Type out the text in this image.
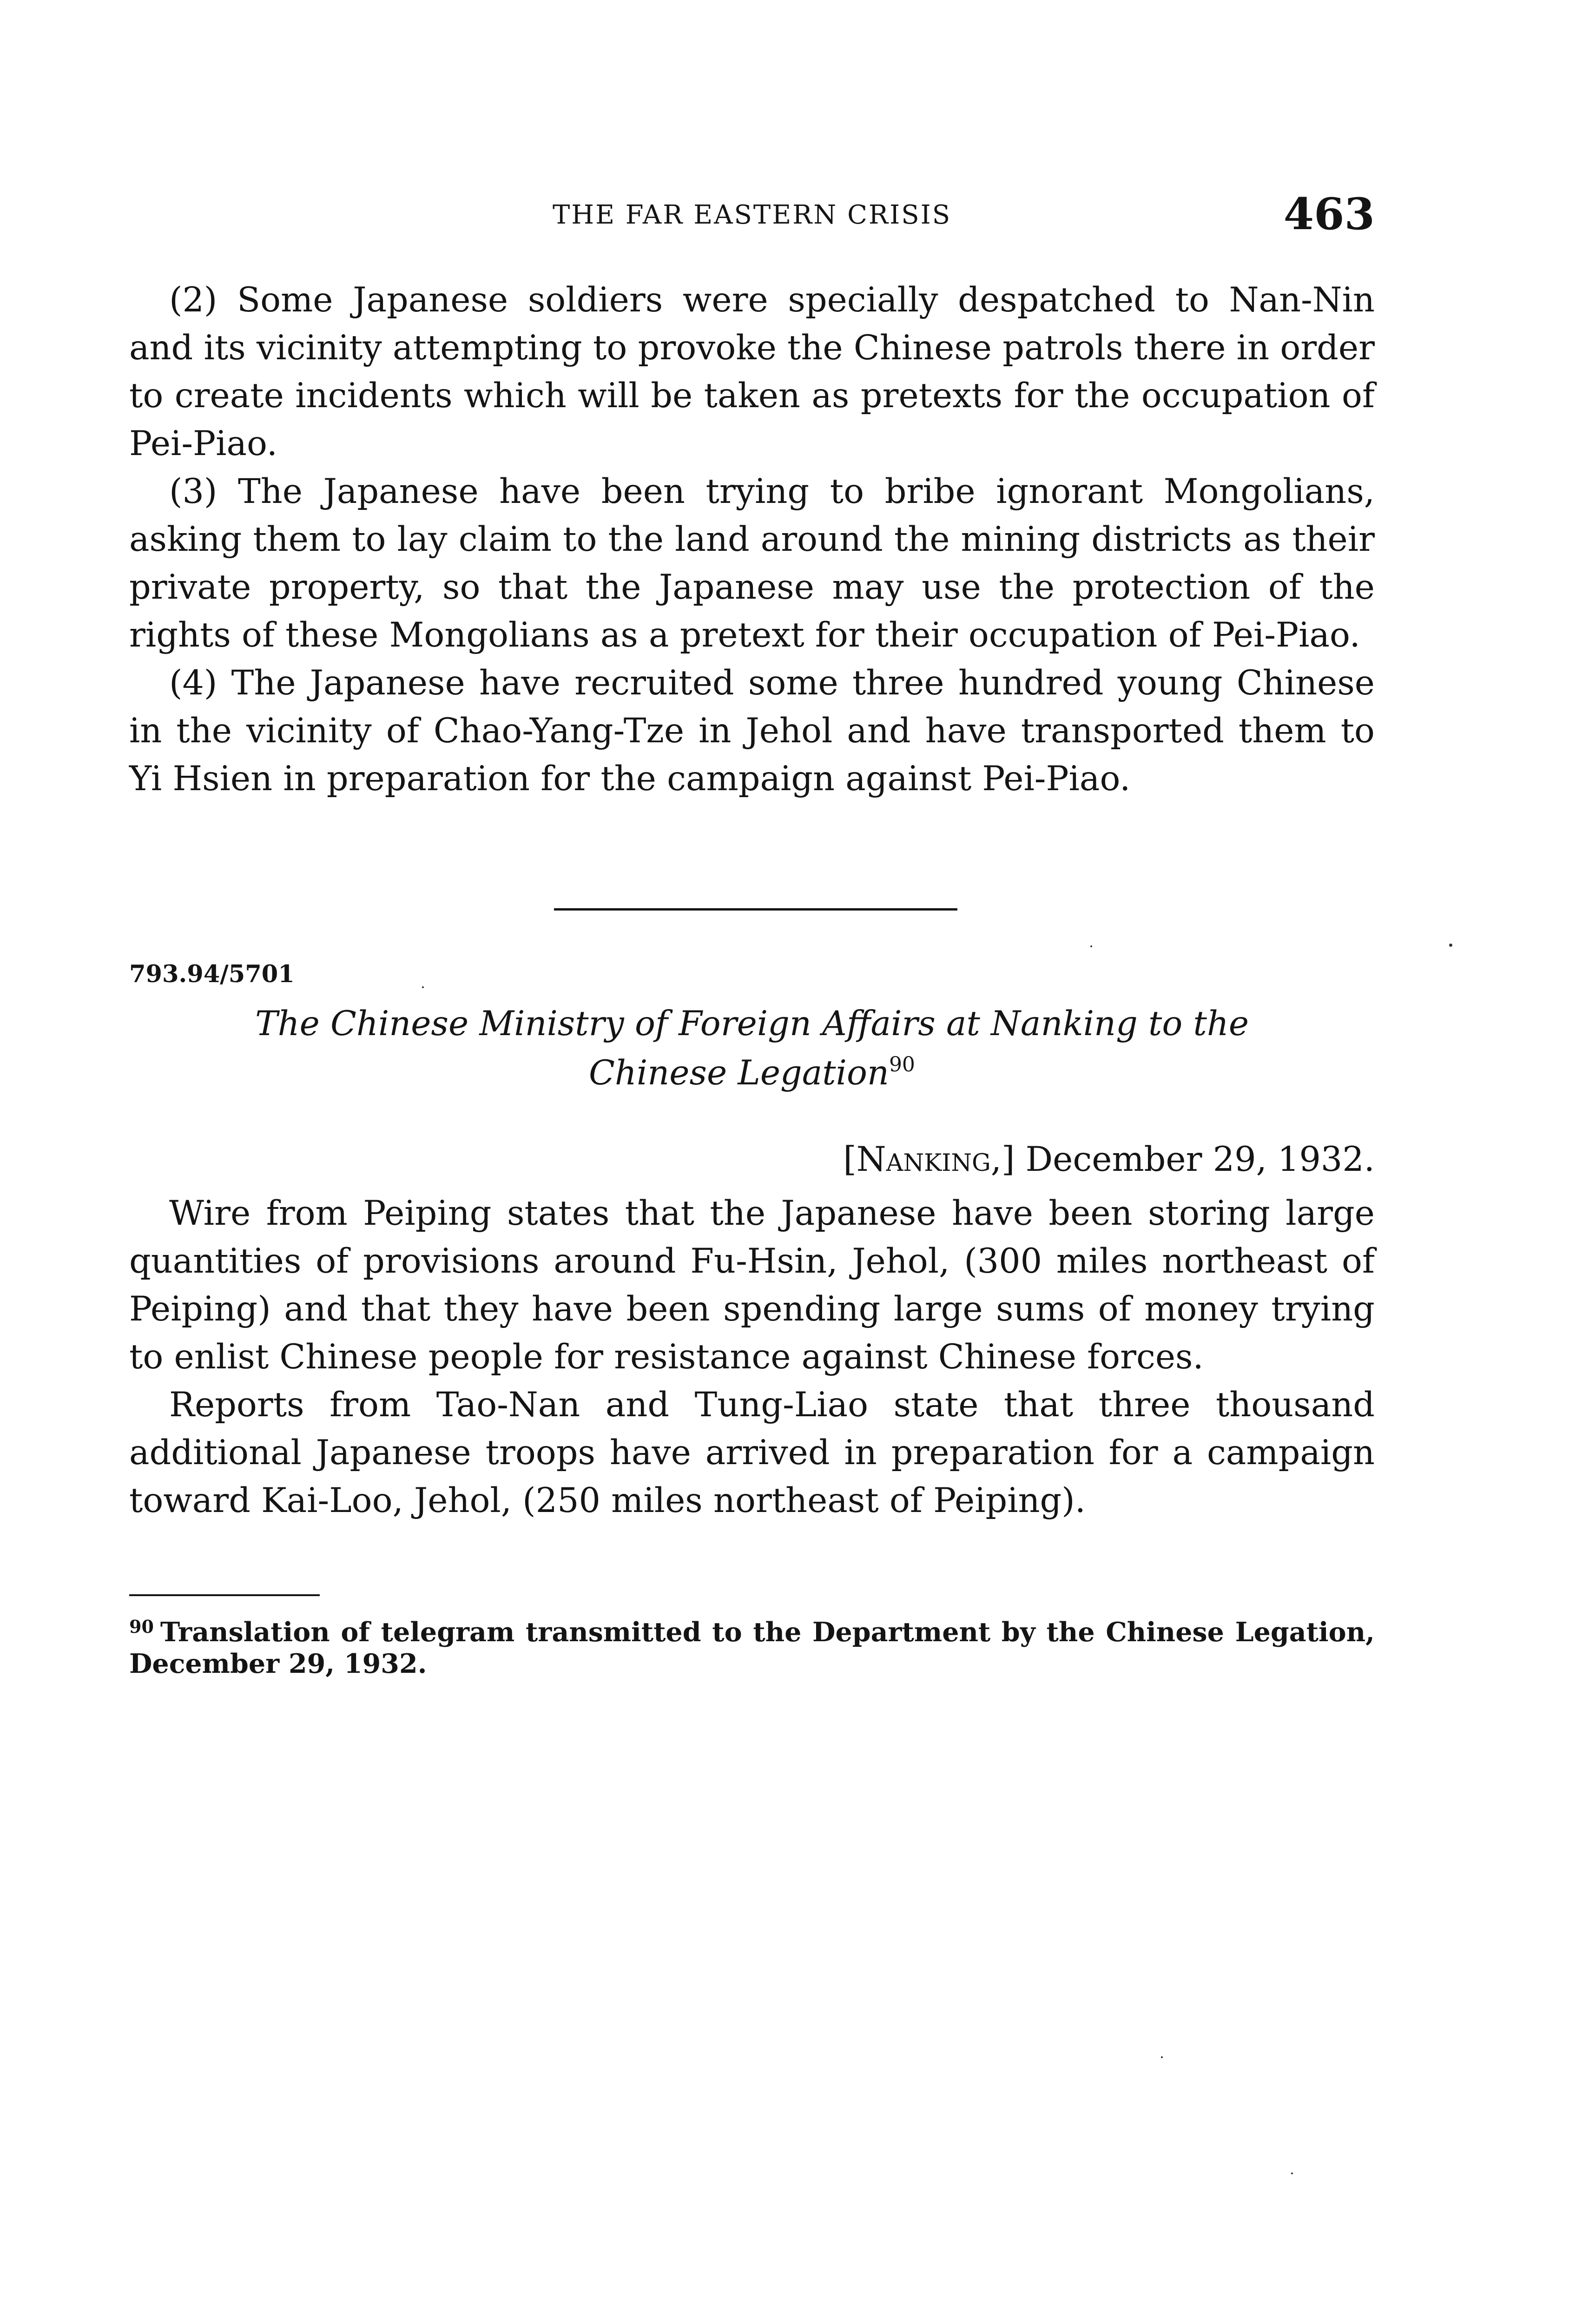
THE FAR EASTERN CRISIS	463

(2) Some Japanese soldiers were specially despatched to Nan-Nin and its vicinity attempting to provoke the Chinese patrols there in order to create incidents which will be taken as pretexts for the occupation of Pei-Piao.

(3) The Japanese have been trying to bribe ignorant Mongolians, asking them to lay claim to the land around the mining districts as their private property, so that the Japanese may use the protection of the rights of these Mongolians as a pretext for their occupation of Pei-Piao.

(4) The Japanese have recruited some three hundred young Chinese in the vicinity of Chao-Yang-Tze in Jehol and have transported them to Yi Hsien in preparation for the campaign against Pei-Piao.

793.94/5701
The Chinese Ministry of Foreign Affairs at Nanking to the
Chinese Legation$^{90}$
[Nanking,] December 29, 1932.

Wire from Peiping states that the Japanese have been storing large quantities of provisions around Fu-Hsin, Jehol, (300 miles northeast of Peiping) and that they have been spending large sums of money trying to enlist Chinese people for resistance against Chinese forces.

Reports from Tao-Nan and Tung-Liao state that three thousand additional Japanese troops have arrived in preparation for a campaign toward Kai-Loo, Jehol, (250 miles northeast of Peiping).

$^{90}$ Translation of telegram transmitted to the Department by the Chinese Legation, December 29, 1932.
